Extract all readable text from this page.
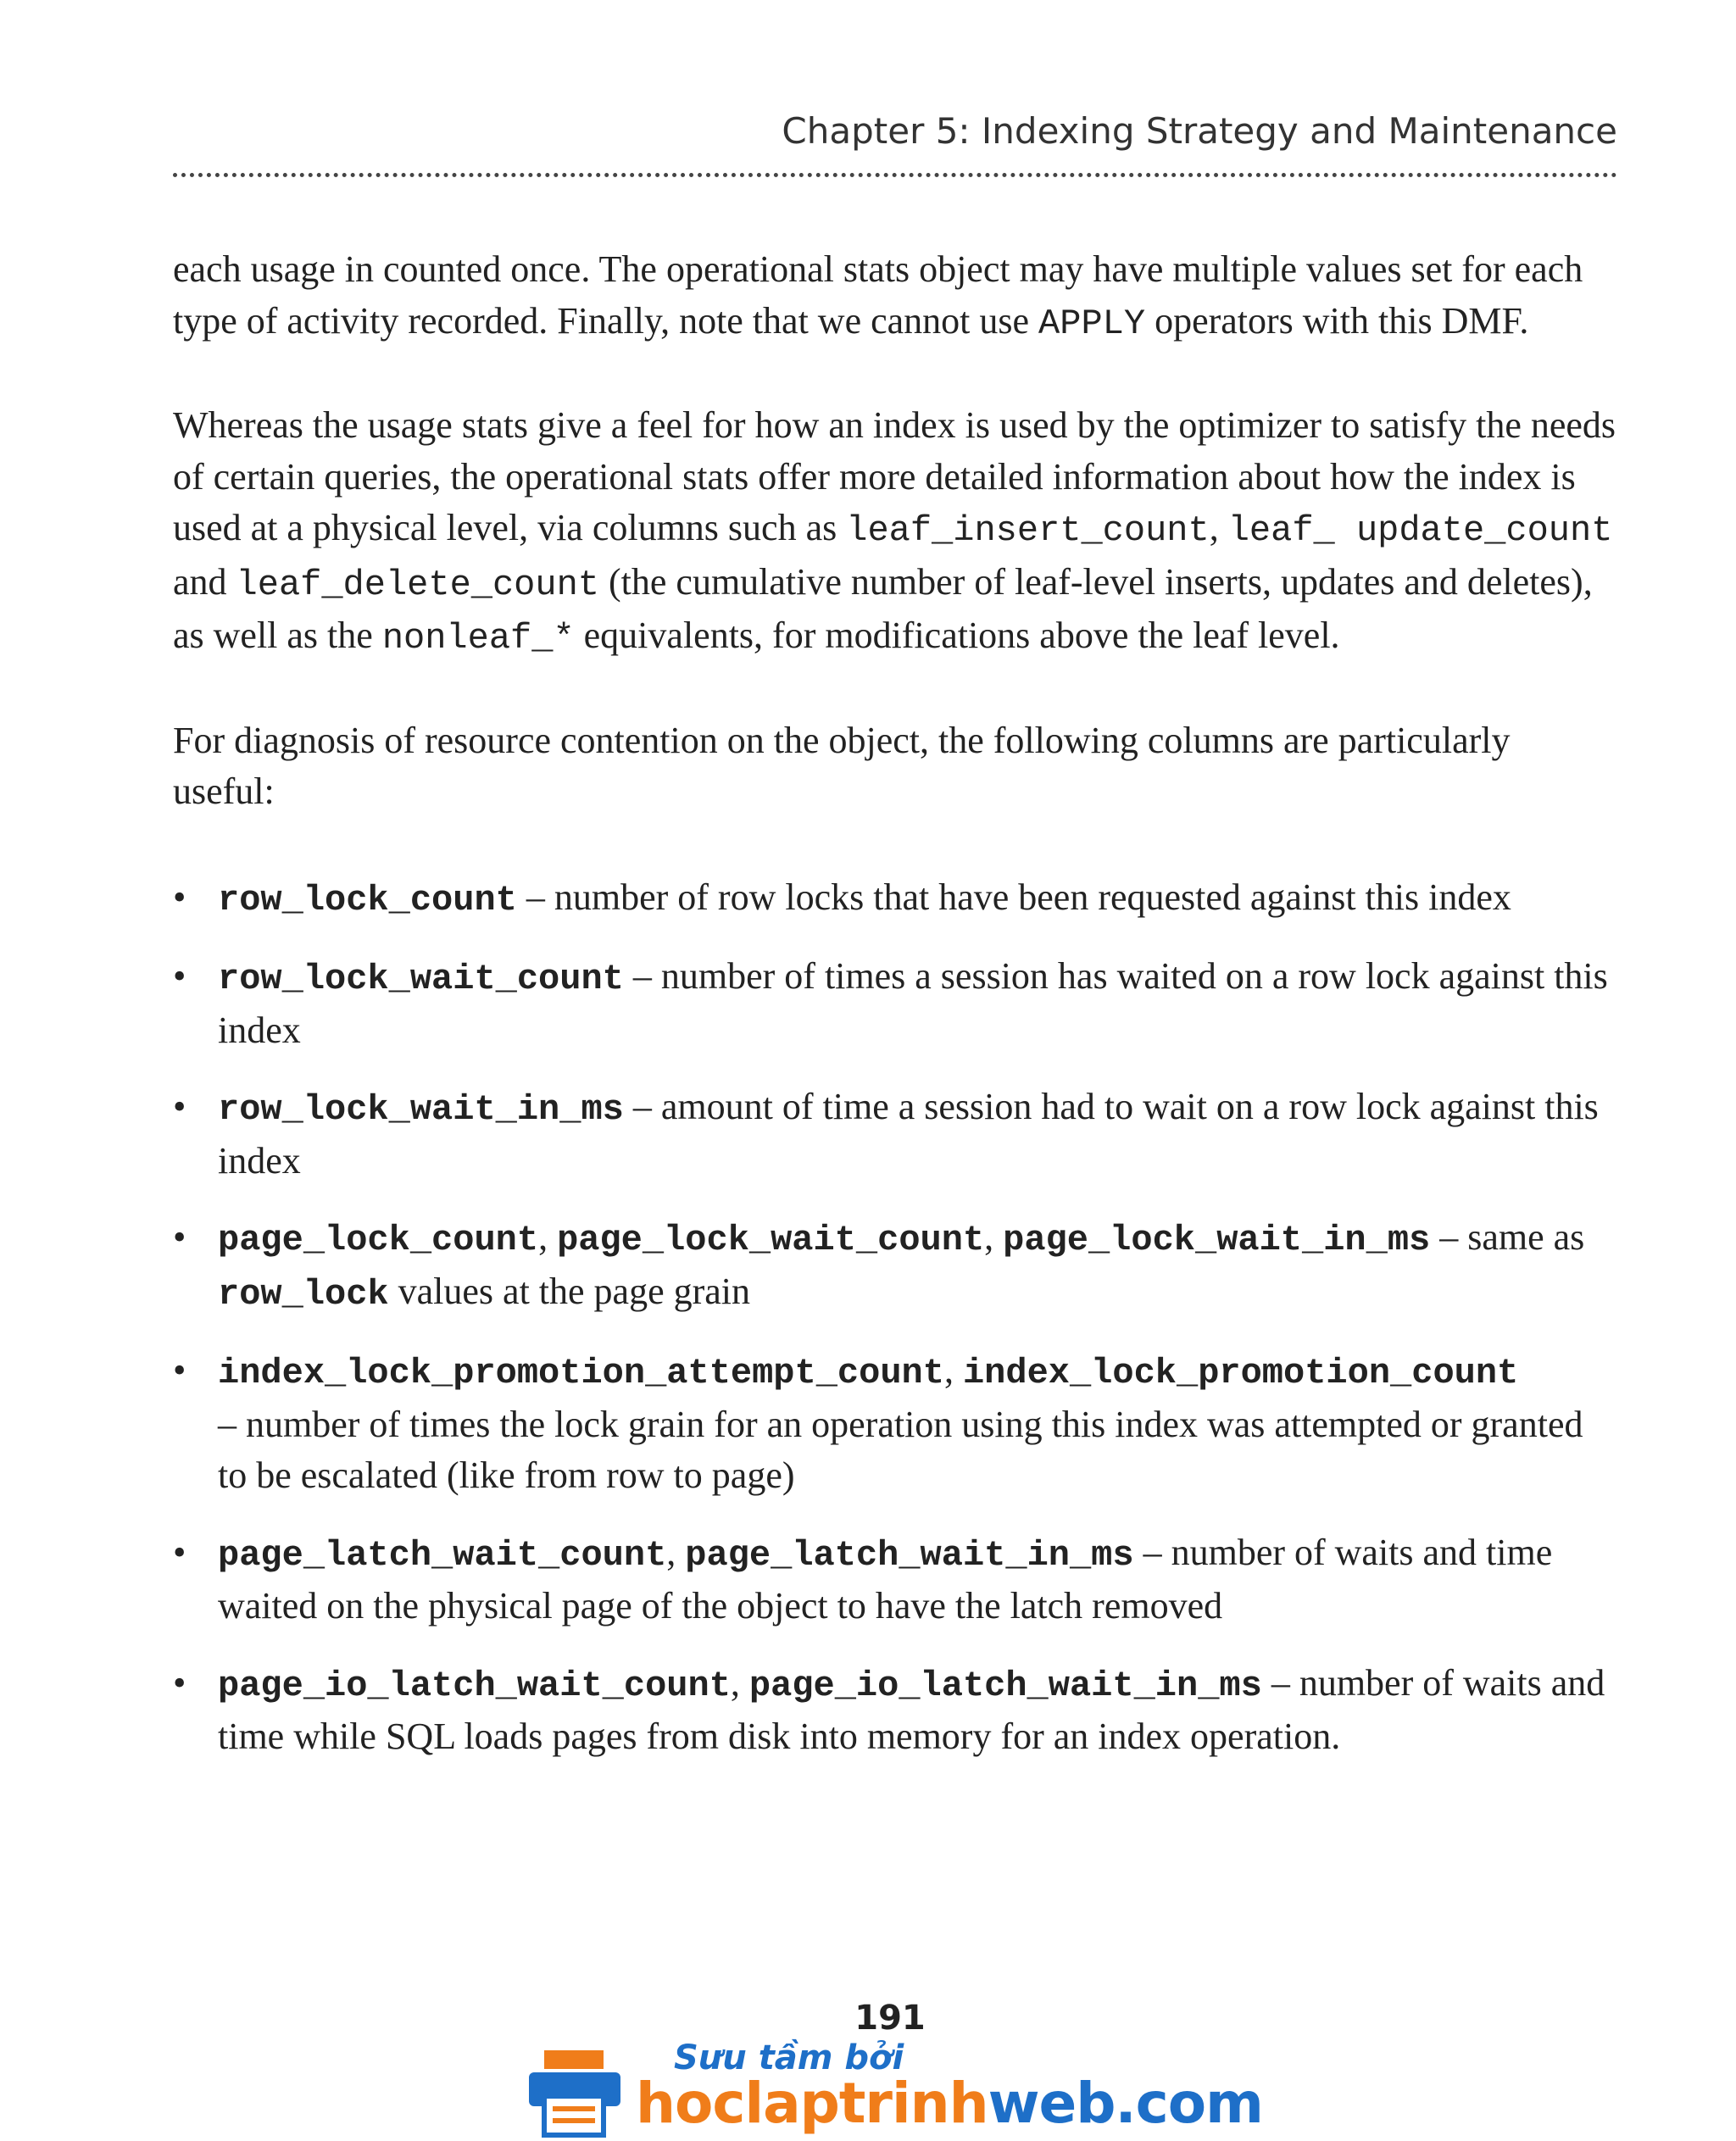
Chapter 5: Indexing Strategy and Maintenance

each usage in counted once. The operational stats object may have multiple values set for each type of activity recorded. Finally, note that we cannot use APPLY operators with this DMF.

Whereas the usage stats give a feel for how an index is used by the optimizer to satisfy the needs of certain queries, the operational stats offer more detailed information about how the index is used at a physical level, via columns such as leaf_insert_count, leaf_ update_count and leaf_delete_count (the cumulative number of leaf-level inserts, updates and deletes), as well as the nonleaf_* equivalents, for modifications above the leaf level.

For diagnosis of resource contention on the object, the following columns are particularly useful:

• row_lock_count – number of row locks that have been requested against this index
• row_lock_wait_count – number of times a session has waited on a row lock against this index
• row_lock_wait_in_ms – amount of time a session had to wait on a row lock against this index
• page_lock_count, page_lock_wait_count, page_lock_wait_in_ms – same as row_lock values at the page grain
• index_lock_promotion_attempt_count, index_lock_promotion_count
– number of times the lock grain for an operation using this index was attempted or granted to be escalated (like from row to page)
• page_latch_wait_count, page_latch_wait_in_ms – number of waits and time waited on the physical page of the object to have the latch removed
• page_io_latch_wait_count, page_io_latch_wait_in_ms – number of waits and time while SQL loads pages from disk into memory for an index operation.
191
Sưu tầm bởi
hoclaptrinhweb.com
